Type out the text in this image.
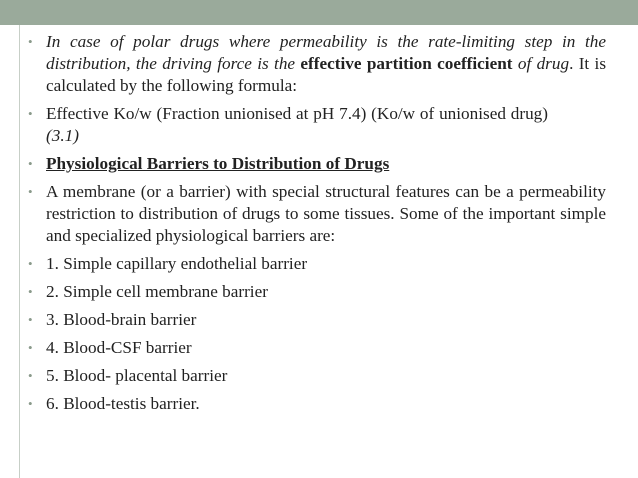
• In case of polar drugs where permeability is the rate-limiting step in the distribution, the driving force is the effective partition coefficient of drug. It is calculated by the following formula:
• Effective Ko/w (Fraction unionised at pH 7.4) (Ko/w of unionised drug)(3.1)
• Physiological Barriers to Distribution of Drugs
• A membrane (or a barrier) with special structural features can be a permeability restriction to distribution of drugs to some tissues. Some of the important simple and specialized physiological barriers are:
• 1. Simple capillary endothelial barrier
• 2. Simple cell membrane barrier
• 3. Blood-brain barrier
• 4. Blood-CSF barrier
• 5. Blood- placental barrier
• 6. Blood-testis barrier.
